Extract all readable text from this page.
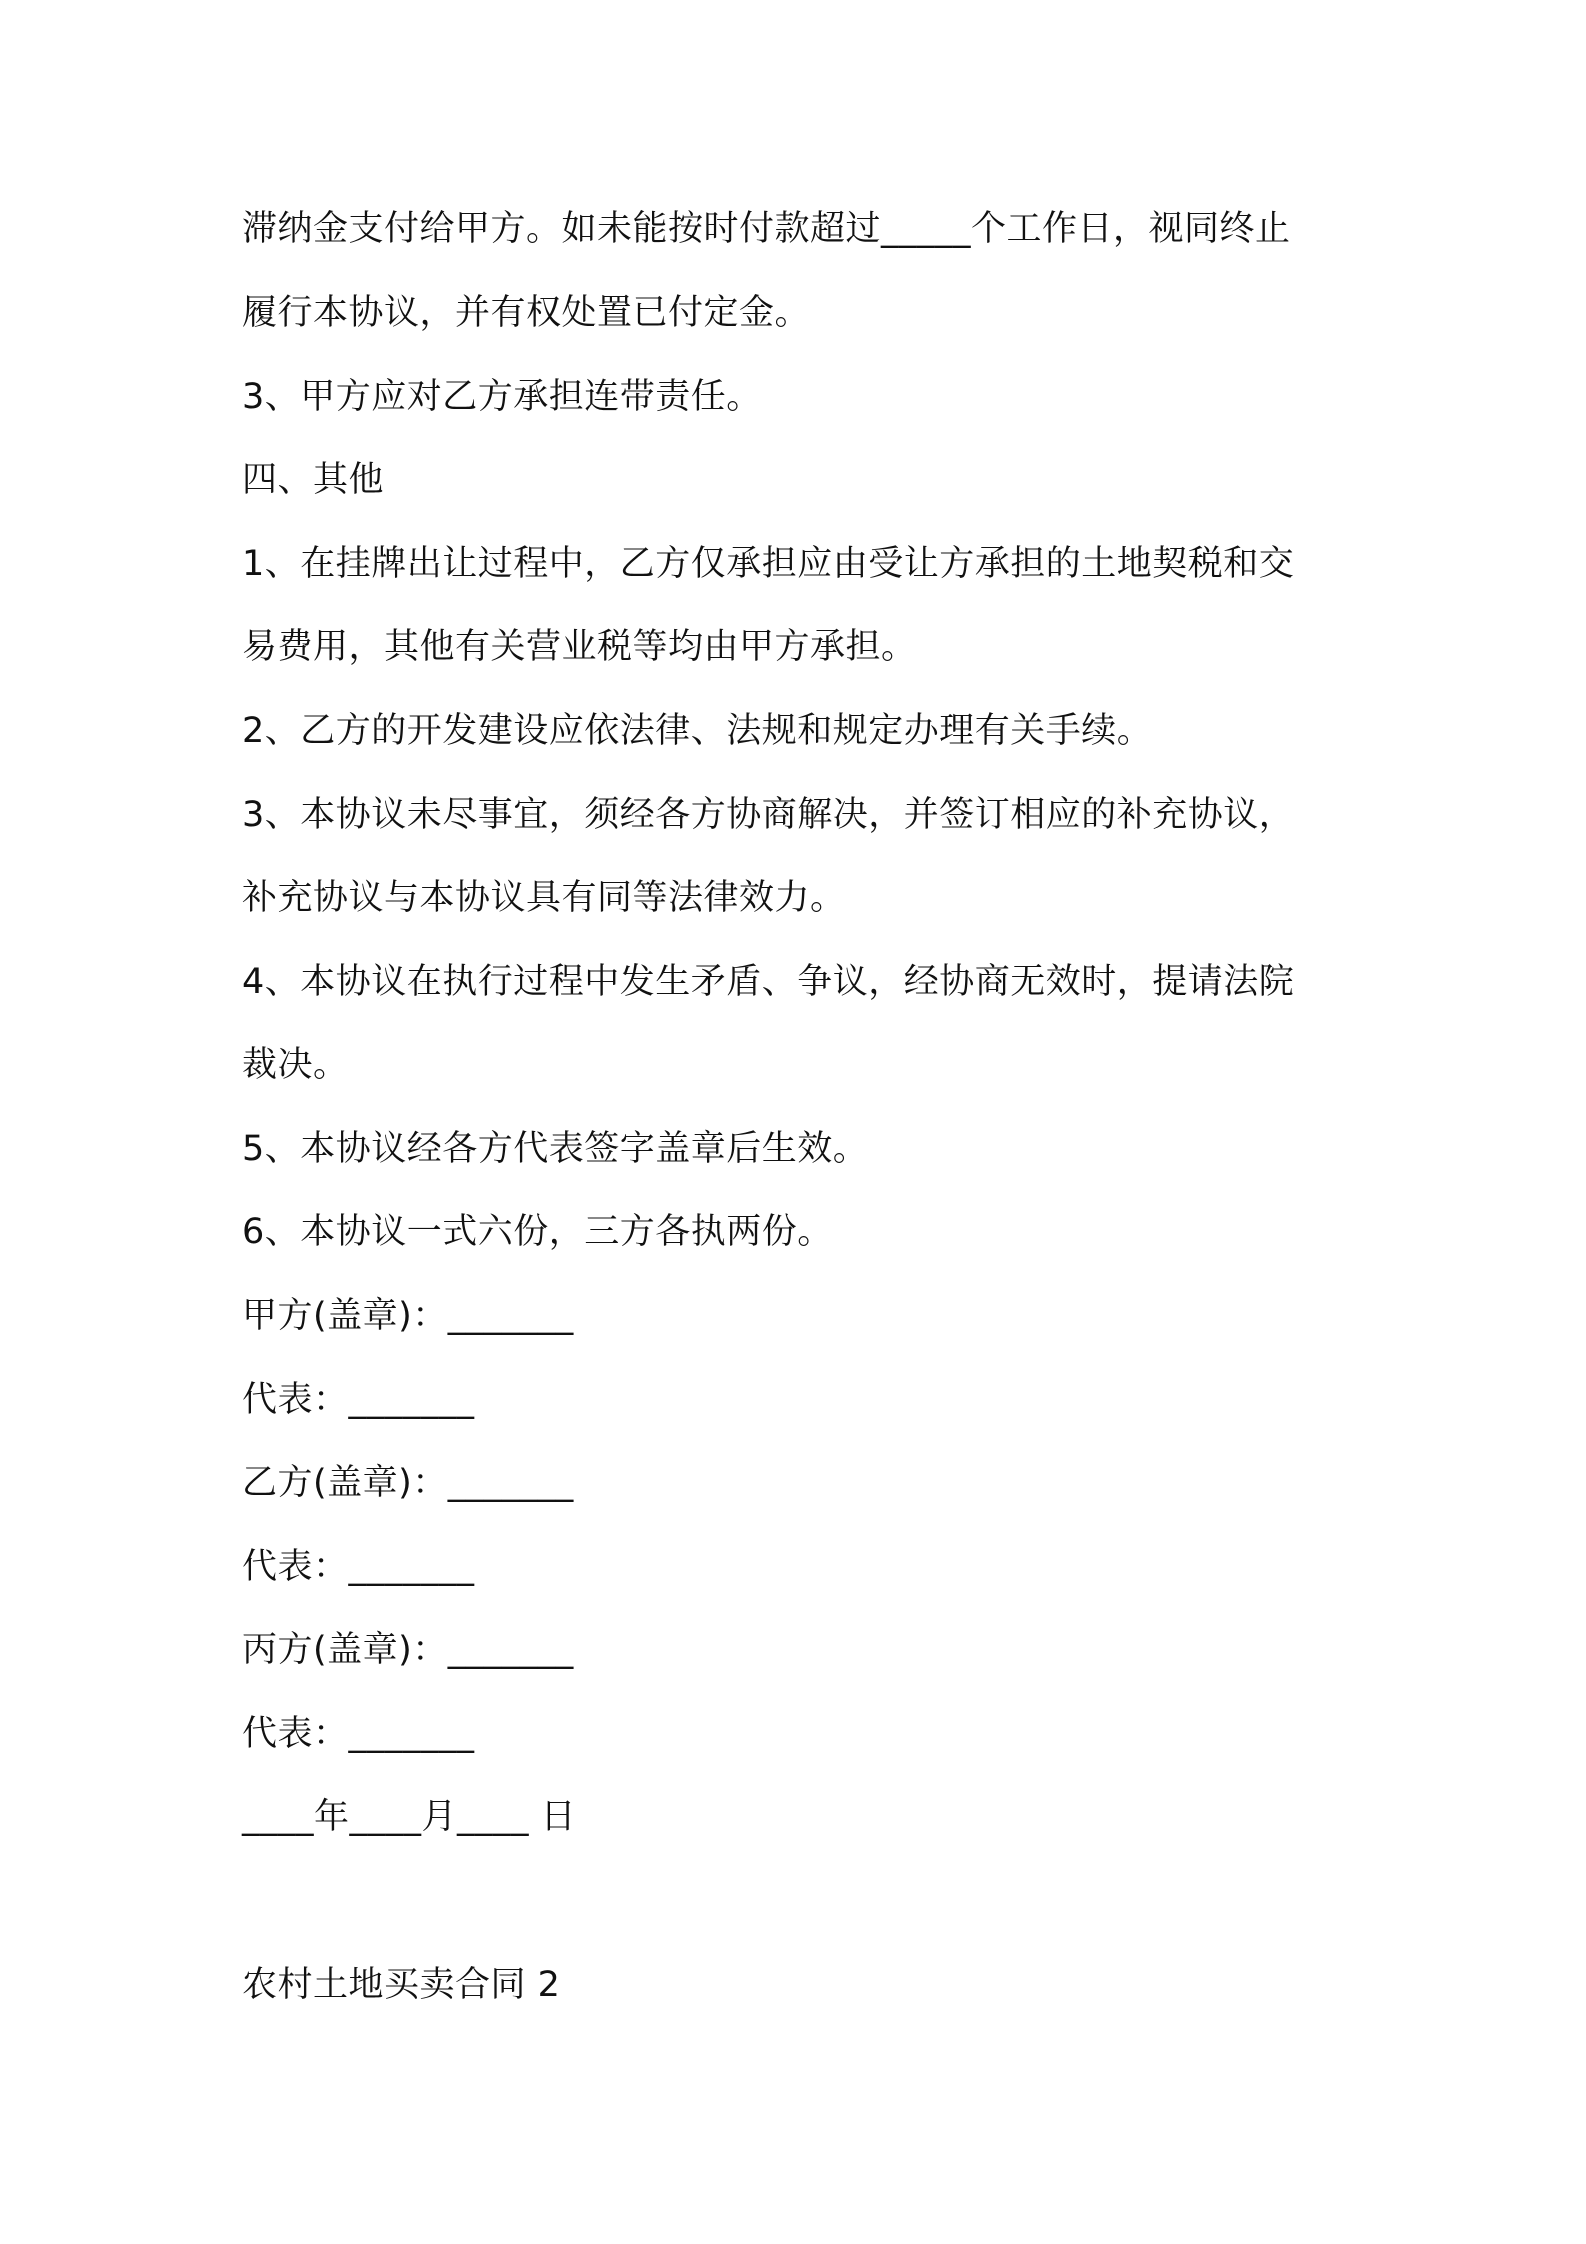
滞纳金支付给甲方。如未能按时付款超过_____个工作日，视同终止
履行本协议，并有权处置已付定金。
3、甲方应对乙方承担连带责任。
四、其他
1、在挂牌出让过程中，乙方仅承担应由受让方承担的土地契税和交
易费用，其他有关营业税等均由甲方承担。
2、乙方的开发建设应依法律、法规和规定办理有关手续。
3、本协议未尽事宜，须经各方协商解决，并签订相应的补充协议，
补充协议与本协议具有同等法律效力。
4、本协议在执行过程中发生矛盾、争议，经协商无效时，提请法院
裁决。
5、本协议经各方代表签字盖章后生效。
6、本协议一式六份，三方各执两份。
甲方(盖章)：_______
代表：_______
乙方(盖章)：_______
代表：_______
丙方(盖章)：_______
代表：_______
____年____月____ 日
农村土地买卖合同 2
